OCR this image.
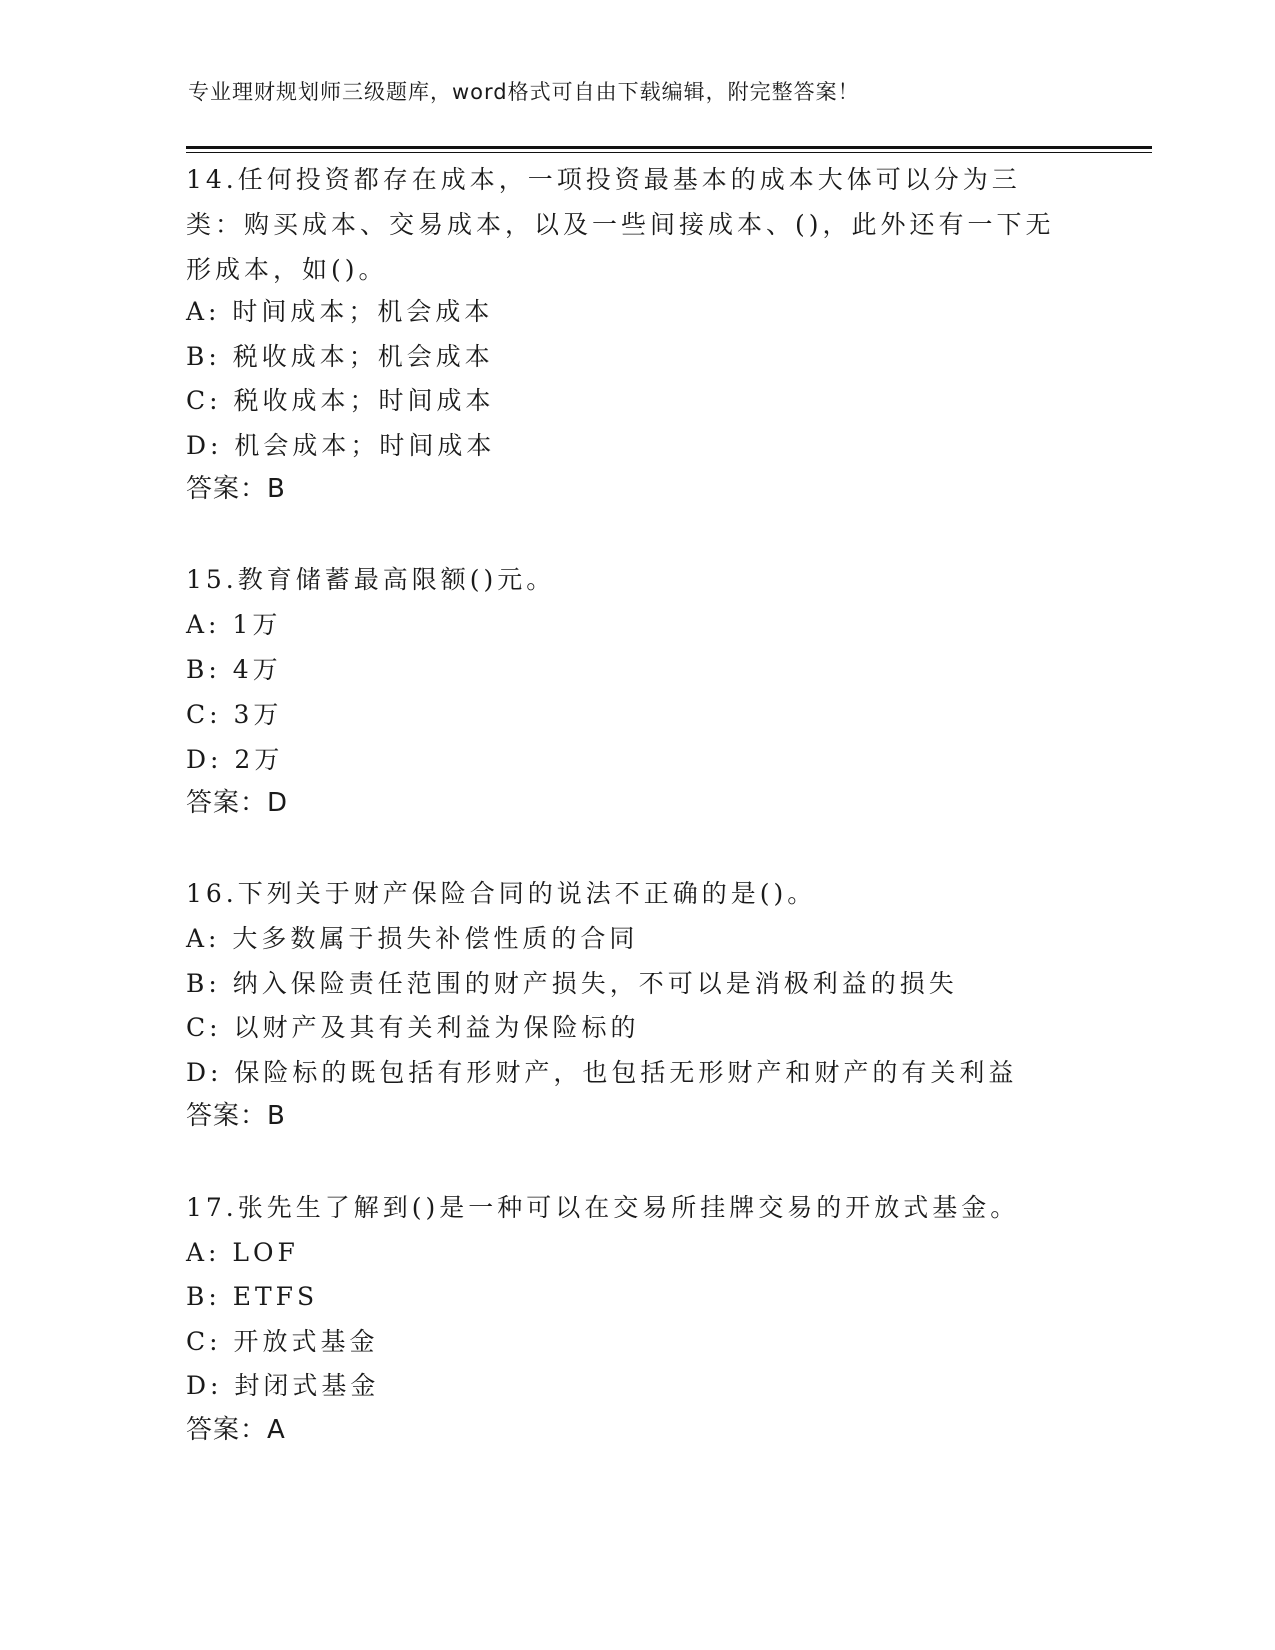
专业理财规划师三级题库，word格式可自由下载编辑，附完整答案！

14.任何投资都存在成本，一项投资最基本的成本大体可以分为三类：购买成本、交易成本，以及一些间接成本、()，此外还有一下无形成本，如()。

A: 时间成本；机会成本

B: 税收成本；机会成本

C: 税收成本；时间成本

D: 机会成本；时间成本

答案：B

15.教育储蓄最高限额()元。

A: 1万

B: 4万

C: 3万

D: 2万

答案：D

16.下列关于财产保险合同的说法不正确的是()。

A: 大多数属于损失补偿性质的合同

B: 纳入保险责任范围的财产损失，不可以是消极利益的损失

C: 以财产及其有关利益为保险标的

D: 保险标的既包括有形财产，也包括无形财产和财产的有关利益

答案：B

17.张先生了解到()是一种可以在交易所挂牌交易的开放式基金。

A: LOF

B: ETFS

C: 开放式基金

D: 封闭式基金

答案：A
